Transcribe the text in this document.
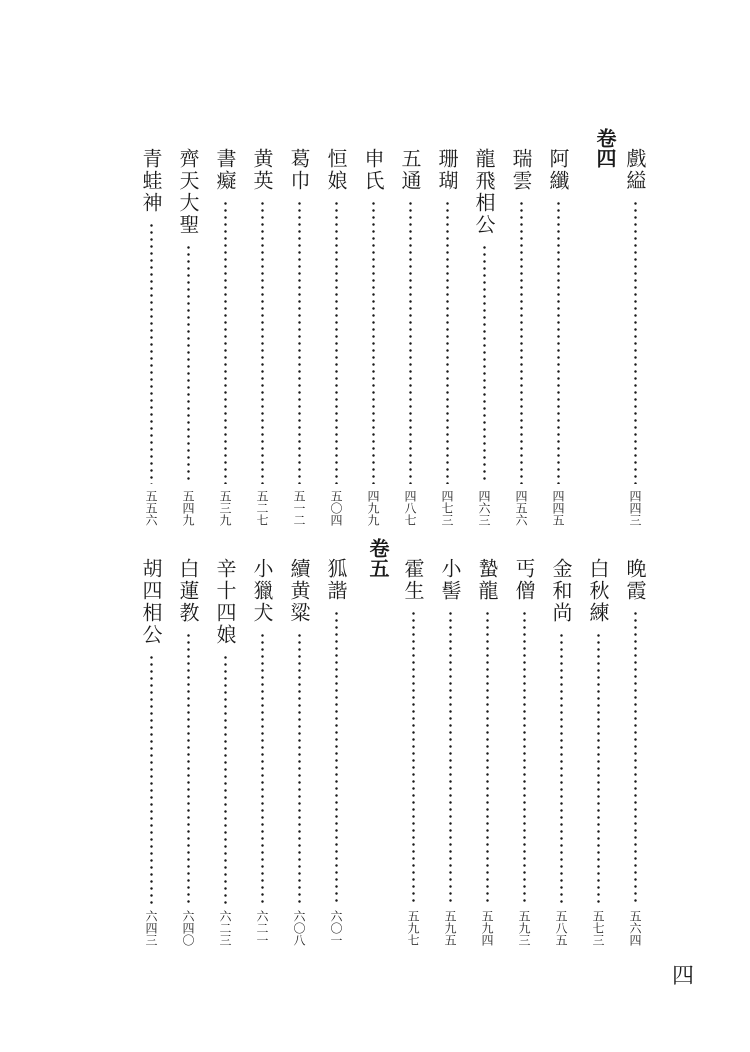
戲縊
四四三
阿纖
四四五
瑞雲
四五六
龍飛相公
四六三
珊瑚
四七三
五通
四八七
申氏
四九九
恒娘
五〇四
葛巾
五一二
黄英
五二七
書癡
五三九
齊天大聖
五四九
青蛙神
五五六
卷四
晚霞
五六四
白秋練
五七三
金和尚
五八五
丐僧
五九三
蟄龍
五九四
小髻
五九五
霍生
五九七
狐諧
六〇一
續黄粱
六〇八
小獵犬
六二一
辛十四娘
六二三
白蓮教
六四〇
胡四相公
六四三
卷五
四
